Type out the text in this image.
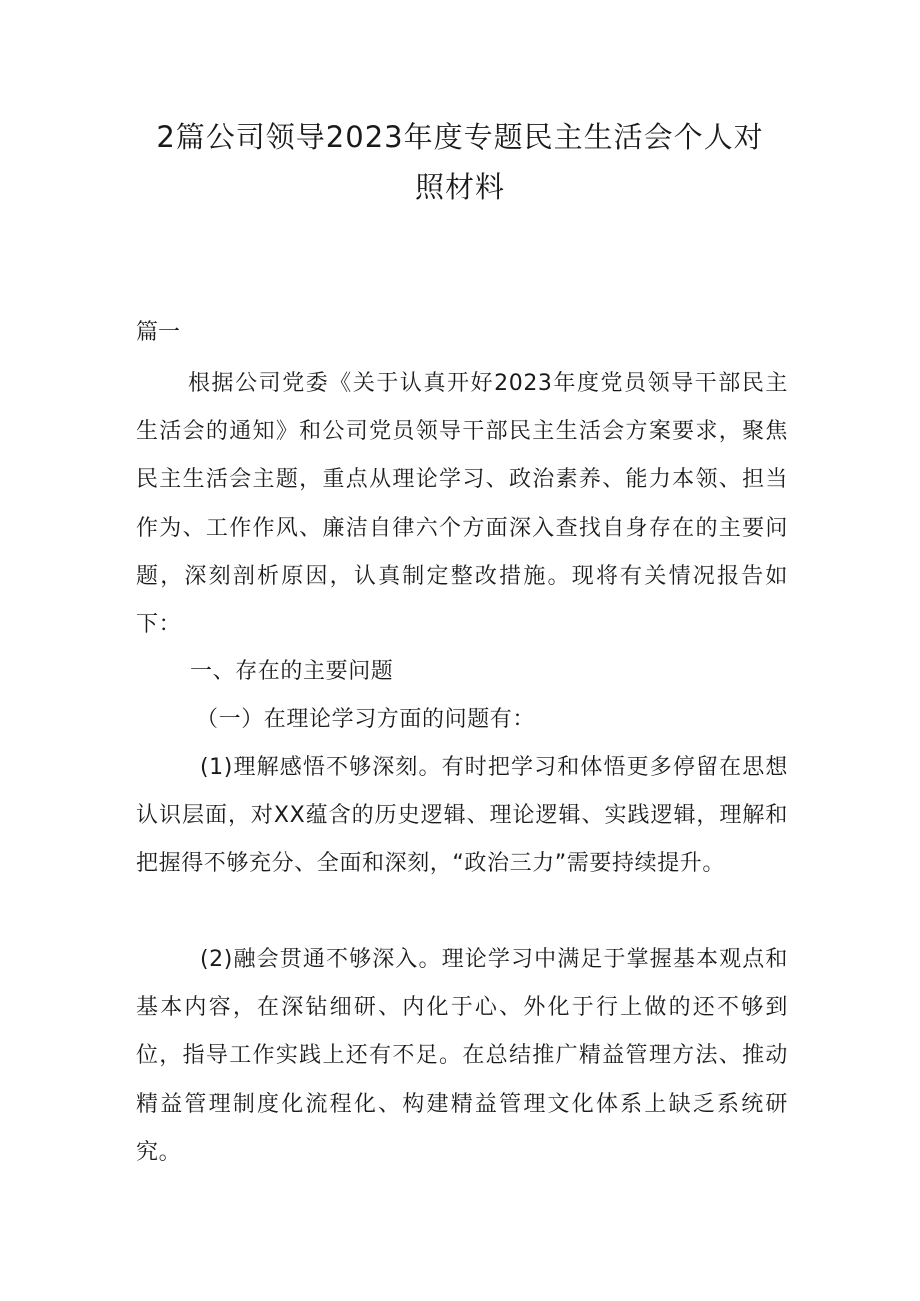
2篇公司领导2023年度专题民主生活会个人对
照材料
篇一

根据公司党委《关于认真开好2023年度党员领导干部民主生活会的通知》和公司党员领导干部民主生活会方案要求，聚焦民主生活会主题，重点从理论学习、政治素养、能力本领、担当作为、工作作风、廉洁自律六个方面深入查找自身存在的主要问题，深刻剖析原因，认真制定整改措施。现将有关情况报告如下：

一、存在的主要问题

（一）在理论学习方面的问题有：

(1)理解感悟不够深刻。有时把学习和体悟更多停留在思想认识层面，对XX蕴含的历史逻辑、理论逻辑、实践逻辑，理解和把握得不够充分、全面和深刻，“政治三力”需要持续提升。

(2)融会贯通不够深入。理论学习中满足于掌握基本观点和基本内容，在深钻细研、内化于心、外化于行上做的还不够到位，指导工作实践上还有不足。在总结推广精益管理方法、推动精益管理制度化流程化、构建精益管理文化体系上缺乏系统研究。
